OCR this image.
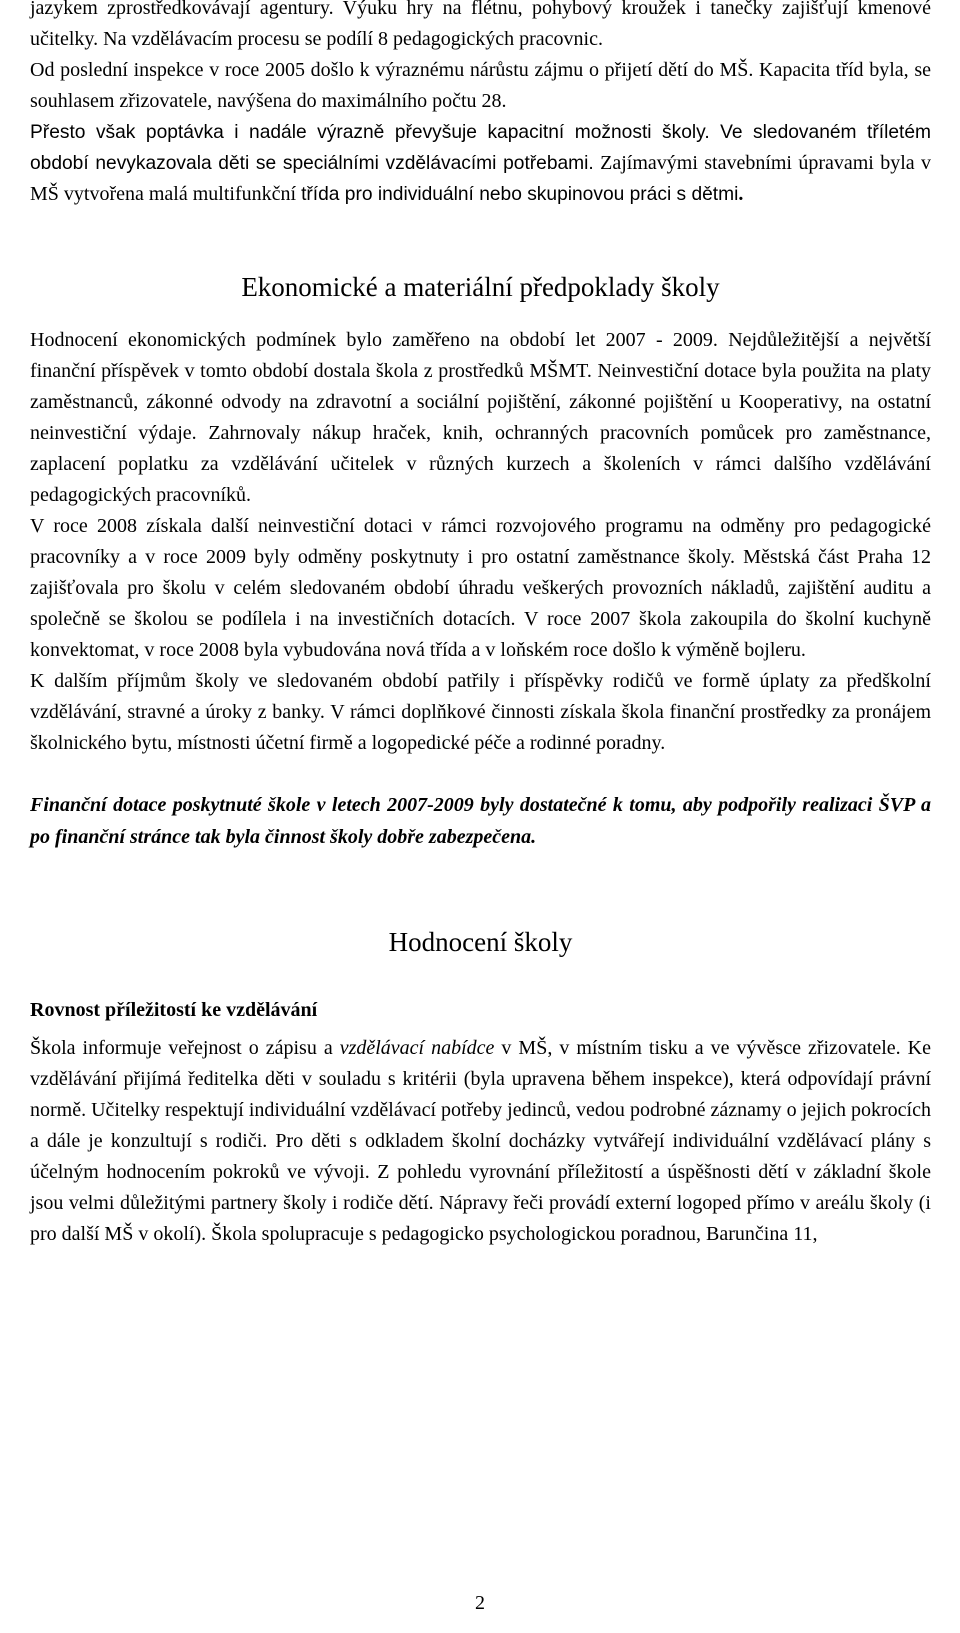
jazykem zprostředkovávají agentury. Výuku hry na flétnu, pohybový kroužek i tanečky zajišťují kmenové učitelky. Na vzdělávacím procesu se podílí 8 pedagogických pracovnic.

Od poslední inspekce v roce 2005 došlo k výraznému nárůstu zájmu o přijetí dětí do MŠ. Kapacita tříd byla, se souhlasem zřizovatele, navýšena do maximálního počtu 28.

Přesto však poptávka i nadále výrazně převyšuje kapacitní možnosti školy. Ve sledovaném tříletém období nevykazovala děti se speciálními vzdělávacími potřebami. Zajímavými stavebními úpravami byla v MŠ vytvořena malá multifunkční třída pro individuální nebo skupinovou práci s dětmi.

Ekonomické a materiální předpoklady školy

Hodnocení ekonomických podmínek bylo zaměřeno na období let 2007 - 2009. Nejdůležitější a největší finanční příspěvek v tomto období dostala škola z prostředků MŠMT. Neinvestiční dotace byla použita na platy zaměstnanců, zákonné odvody na zdravotní a sociální pojištění, zákonné pojištění u Kooperativy, na ostatní neinvestiční výdaje. Zahrnovaly nákup hraček, knih, ochranných pracovních pomůcek pro zaměstnance, zaplacení poplatku za vzdělávání učitelek v různých kurzech a školeních v rámci dalšího vzdělávání pedagogických pracovníků.

V roce 2008 získala další neinvestiční dotaci v rámci rozvojového programu na odměny pro pedagogické pracovníky a v roce 2009 byly odměny poskytnuty i pro ostatní zaměstnance školy. Městská část Praha 12 zajišťovala pro školu v celém sledovaném období úhradu veškerých provozních nákladů, zajištění auditu a společně se školou se podílela i na investičních dotacích. V roce 2007 škola zakoupila do školní kuchyně konvektomat, v roce 2008 byla vybudována nová třída a v loňském roce došlo k výměně bojleru.

K dalším příjmům školy ve sledovaném období patřily i příspěvky rodičů ve formě úplaty za předškolní vzdělávání, stravné a úroky z banky. V rámci doplňkové činnosti získala škola finanční prostředky za pronájem školnického bytu, místnosti účetní firmě a logopedické péče a rodinné poradny.

Finanční dotace poskytnuté škole v letech 2007-2009 byly dostatečné k tomu, aby podpořily realizaci ŠVP a po finanční stránce tak byla činnost školy dobře zabezpečena.

Hodnocení školy
Rovnost příležitostí ke vzdělávání

Škola informuje veřejnost o zápisu a vzdělávací nabídce v MŠ, v místním tisku a ve vývěsce zřizovatele. Ke vzdělávání přijímá ředitelka děti v souladu s kritérii (byla upravena během inspekce), která odpovídají právní normě. Učitelky respektují individuální vzdělávací potřeby jedinců, vedou podrobné záznamy o jejich pokrocích a dále je konzultují s rodiči. Pro děti s odkladem školní docházky vytvářejí individuální vzdělávací plány s účelným hodnocením pokroků ve vývoji. Z pohledu vyrovnání příležitostí a úspěšnosti dětí v základní škole jsou velmi důležitými partnery školy i rodiče dětí. Nápravy řeči provádí externí logoped přímo v areálu školy (i pro další MŠ v okolí). Škola spolupracuje s pedagogicko psychologickou poradnou, Barunčina 11,

2
